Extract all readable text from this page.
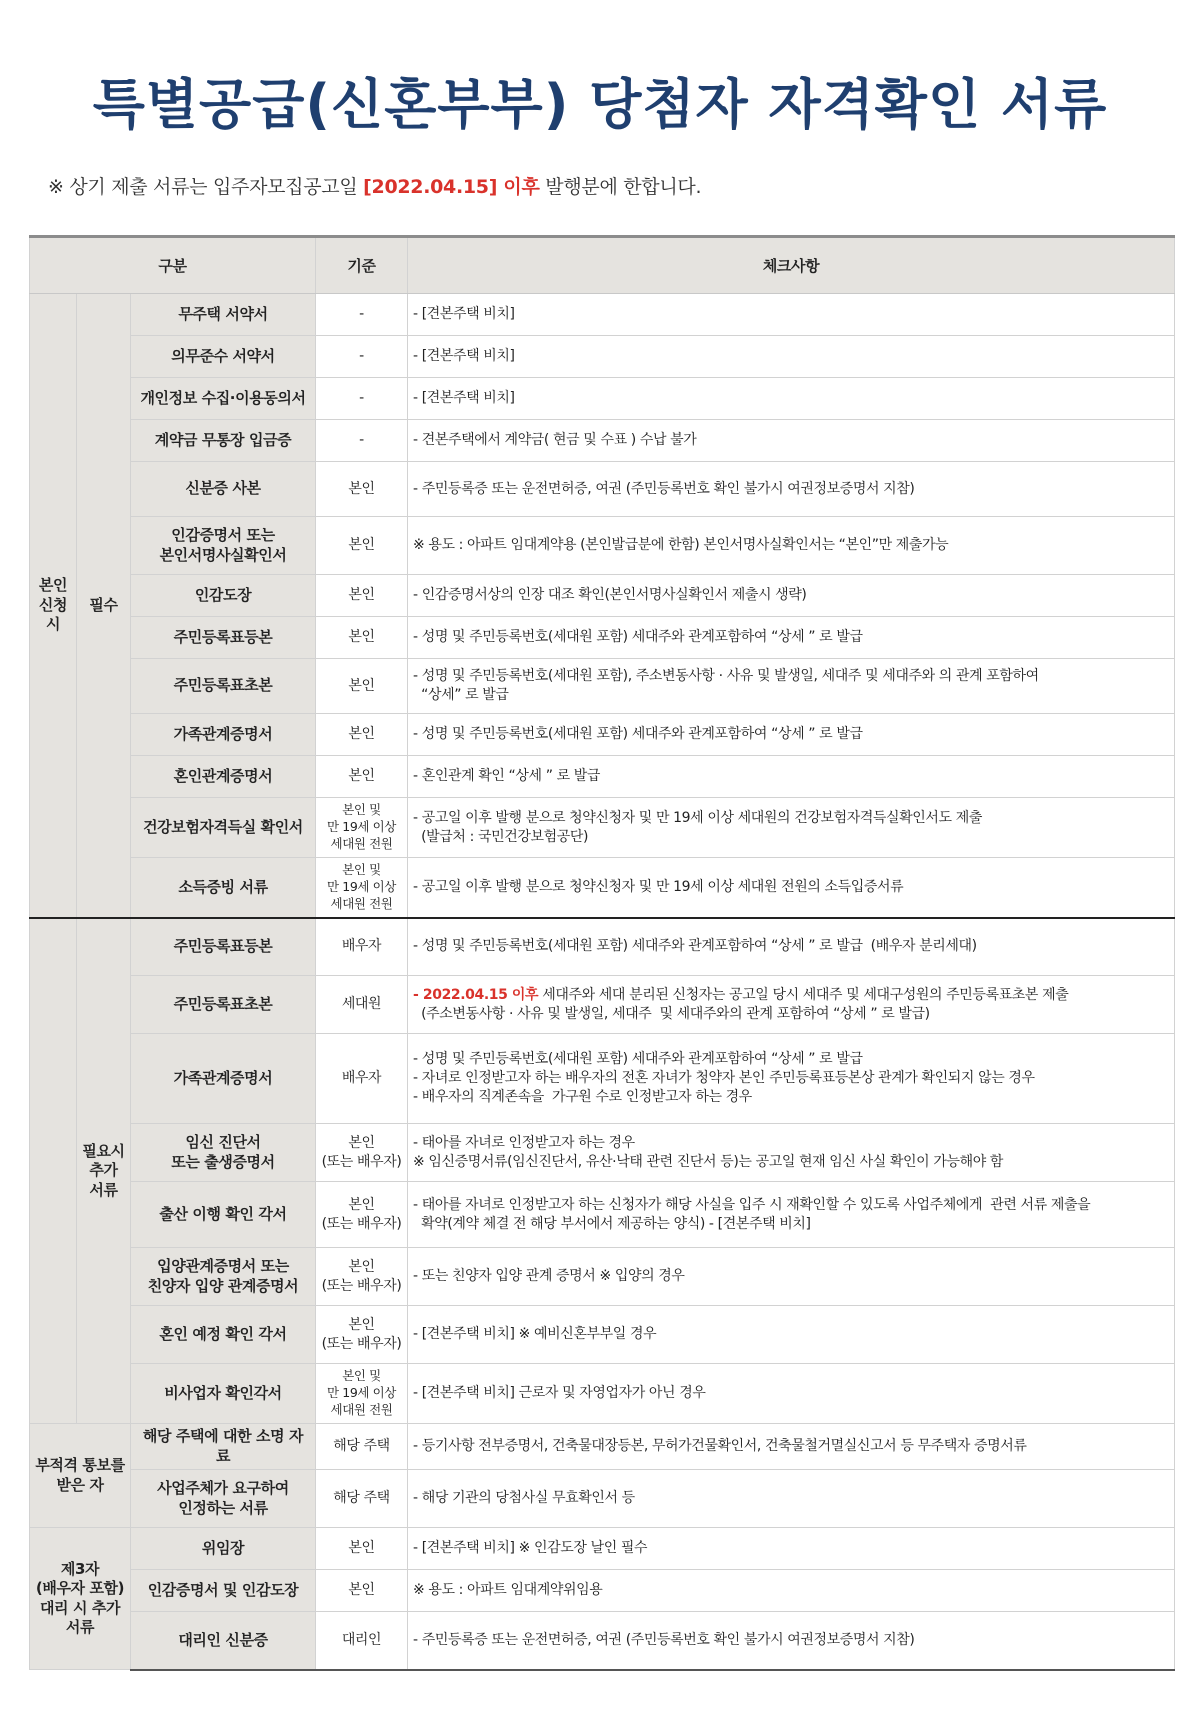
특별공급(신혼부부) 당첨자 자격확인 서류
※ 상기 제출 서류는 입주자모집공고일 [2022.04.15] 이후 발행분에 한합니다.
구분			기준	체크사항
본인
신청 시	필수	무주택 서약서	-	- [견본주택 비치]

		의무준수 서약서	-	- [견본주택 비치]

		개인정보 수집·이용동의서	-	- [견본주택 비치]

		계약금 무통장 입금증	-	- 견본주택에서 계약금( 현금 및 수표 ) 수납 불가

		신분증 사본	본인	- 주민등록증 또는 운전면허증, 여권 (주민등록번호 확인 불가시 여권정보증명서 지참)

		인감증명서 또는
본인서명사실확인서	본인	※ 용도 : 아파트 임대계약용 (본인발급분에 한함) 본인서명사실확인서는 “본인”만 제출가능

		인감도장	본인	- 인감증명서상의 인장 대조 확인(본인서명사실확인서 제출시 생략)

		주민등록표등본	본인	- 성명 및 주민등록번호(세대원 포함) 세대주와 관계포함하여 “상세 ” 로 발급

		주민등록표초본	본인	- 성명 및 주민등록번호(세대원 포함), 주소변동사항 · 사유 및 발생일, 세대주 및 세대주와 의 관계 포함하여
“상세” 로 발급

		가족관계증명서	본인	- 성명 및 주민등록번호(세대원 포함) 세대주와 관계포함하여 “상세 ” 로 발급

		혼인관계증명서	본인	- 혼인관계 확인 “상세 ” 로 발급

		건강보험자격득실 확인서	본인 및
만 19세 이상
세대원 전원	- 공고일 이후 발행 분으로 청약신청자 및 만 19세 이상 세대원의 건강보험자격득실확인서도 제출
(발급처 : 국민건강보험공단)

		소득증빙 서류	본인 및
만 19세 이상
세대원 전원	- 공고일 이후 발행 분으로 청약신청자 및 만 19세 이상 세대원 전원의 소득입증서류

	필요시
추가
서류	주민등록표등본	배우자	- 성명 및 주민등록번호(세대원 포함) 세대주와 관계포함하여 “상세 ” 로 발급  (배우자 분리세대)

		주민등록표초본	세대원	- 2022.04.15 이후 세대주와 세대 분리된 신청자는 공고일 당시 세대주 및 세대구성원의 주민등록표초본 제출
(주소변동사항 · 사유 및 발생일, 세대주  및 세대주와의 관계 포함하여 “상세 ” 로 발급)

		가족관계증명서	배우자	- 성명 및 주민등록번호(세대원 포함) 세대주와 관계포함하여 “상세 ” 로 발급
- 자녀로 인정받고자 하는 배우자의 전혼 자녀가 청약자 본인 주민등록표등본상 관계가 확인되지 않는 경우
- 배우자의 직계존속을  가구원 수로 인정받고자 하는 경우

		임신 진단서
또는 출생증명서	본인
(또는 배우자)	- 태아를 자녀로 인정받고자 하는 경우
※ 임신증명서류(임신진단서, 유산·낙태 관련 진단서 등)는 공고일 현재 임신 사실 확인이 가능해야 함

		출산 이행 확인 각서	본인
(또는 배우자)	- 태아를 자녀로 인정받고자 하는 신청자가 해당 사실을 입주 시 재확인할 수 있도록 사업주체에게  관련 서류 제출을
확약(계약 체결 전 해당 부서에서 제공하는 양식) - [견본주택 비치]

		입양관계증명서 또는
친양자 입양 관계증명서	본인
(또는 배우자)	- 또는 친양자 입양 관계 증명서 ※ 입양의 경우

		혼인 예정 확인 각서	본인
(또는 배우자)	- [견본주택 비치] ※ 예비신혼부부일 경우

		비사업자 확인각서	본인 및
만 19세 이상
세대원 전원	- [견본주택 비치] 근로자 및 자영업자가 아닌 경우

부적격 통보를
받은 자		해당 주택에 대한 소명 자료	해당 주택	- 등기사항 전부증명서, 건축물대장등본, 무허가건물확인서, 건축물철거멸실신고서 등 무주택자 증명서류

		사업주체가 요구하여
인정하는 서류	해당 주택	- 해당 기관의 당첨사실 무효확인서 등

제3자
(배우자 포함)
대리 시 추가
서류		위임장	본인	- [견본주택 비치] ※ 인감도장 날인 필수

		인감증명서 및 인감도장	본인	※ 용도 : 아파트 임대계약위임용

		대리인 신분증	대리인	- 주민등록증 또는 운전면허증, 여권 (주민등록번호 확인 불가시 여권정보증명서 지참)
